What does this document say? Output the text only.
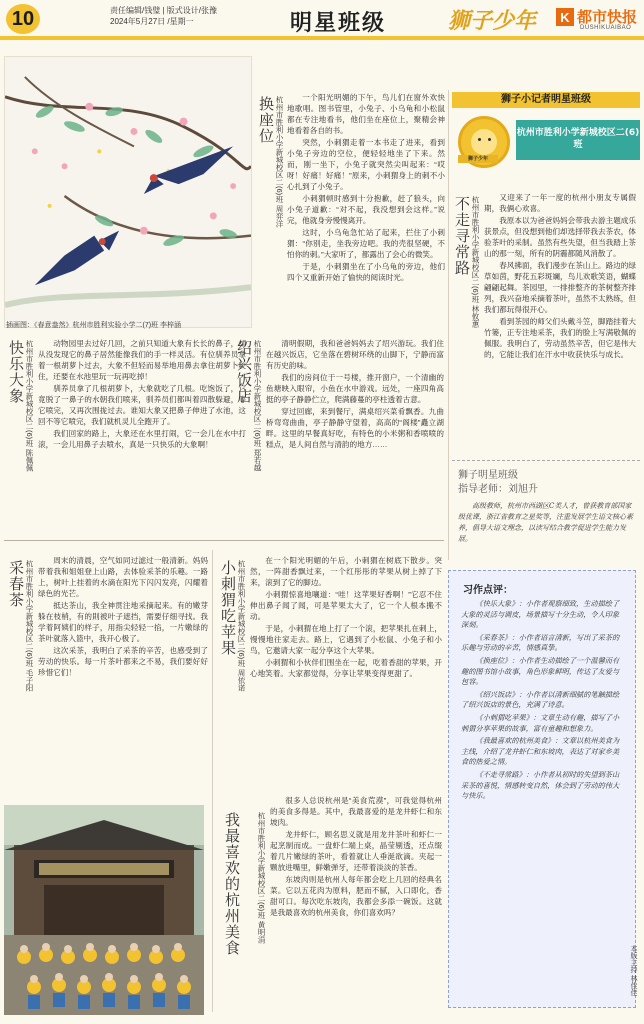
10	责任编辑/钱璧 | 版式设计/张豫
2024年5月27日 /星期一	明星班级	狮子少年	K 都市快报
DUSHIKUAIBAO
插画图：《春意盎然》杭州市胜利实验小学二(7)班 李梓涵
换座位 杭州市胜利小学新城校区二(6)班 周弈洋	一个阳光明媚的下午，鸟儿们在窗外欢快地歌唱。图书管里，小兔子、小乌龟和小松鼠都在专注地看书，他们坐在座位上，聚精会神地看着各自的书。

突然，小刺猬走着一本书走了进来，看到小兔子旁边的空位，便轻轻地坐了下来。然而，刚一坐下，小兔子就突然尖叫起来：“哎呀！好痛！好痛！”原来，小刺猬身上的刺不小心扎到了小兔子。

小刺猬顿时感到十分抱歉，赶了狼头，向小兔子道歉：“对不起，我没想到会这样。”说完，他就身旁慢慢离开。

这时，小乌龟急忙站了起来，拦住了小刺猬：“你别走，坐我旁边吧。我的壳很坚硬，不怕你的刺。”大家听了，都露出了会心的微笑。

于是，小刺猬坐在了小乌龟的旁边，他们四个又重新开始了愉快的阅读时光。

狮子小记者明星班级
狮子少年
杭州市胜利小学新城校区二(6)班
不走寻常路 杭州市胜利小学新城校区二(6)班 林攸蕙	又迎来了一年一度的杭州小朋友专属假期，我俩心欢喜。

我原本以为爸爸妈妈会带我去游主题成乐获景点，但没想到他们却选择带我去茶农，体验茶叶的采制。虽然有些失望，但当我踏上茶山的那一刻，所有的阴霾都随风消散了。

春风拂面，我们漫步在茶山上。路边的绿草如茵，野花五彩斑斓，鸟儿欢歌笑语，蝴蝶翩翩起舞。茶园里，一排排整齐的茶树整齐排列，我兴奋地采摘着茶叶，虽然不太熟练，但我们都玩得很开心。

看到茶园的师父们头戴斗笠，脚踏挂着大竹篓，正专注地采茶，我们的脸上写满敬佩的佩服。我明白了，劳动虽然辛苦，但它是伟大的，它能让我们在汗水中收获快乐与成长。

快乐大象 杭州市胜利小学新城校区二(6)班 陈佩佩	动物园里去过好几回，之前只知道大象有长长的鼻子，却从没发现它的鼻子居然能像我们的手一样灵活。有位驯养员拿着一根胡萝卜过去，大象不但轻而易举地用鼻去拿住胡萝卜咬住，还要在水池里玩一玩再吃掉！

驯养员拿了几根胡萝卜，大象就吃了几根。吃饱饭了，它竟脱了一鼻子的水朝我们喷来，驯养员们都叫着四散躲避，等它喷完，又再次围拢过去。谁知大象又把鼻子伸进了水池，这回不等它喷完，我们就机灵儿全跑开了。

我们回家的路上，大象还在水里打闹，它一会儿在水中打滚，一会儿用鼻子去喷水，真是一只快乐的大象啊！

绍兴饭店 杭州市胜利小学新城校区二(6)班 郑若越	清明假期，我和爸爸妈妈去了绍兴游玩。我们住在越兴饭店，它坐落在碧树环绕的山脚下，宁静而富有历史韵味。

我们的房间位于一号楼，推开窗户，一个清幽的鱼塘映入眼帘，小鱼在水中游戏。远处，一座四角高挺的亭子静静伫立，爬满藤蔓的亭柱透着古意。

穿过回廊，来到餐厅，满桌绍兴菜肴飘香。九曲桥弯弯曲曲，亭子静静守望着，高高的“阁楼”矗立湖畔。这里的早餐真好吃，有特色的小米粥和香喷喷的糕点，是人间自然与清韵的地方……

采春茶 杭州市胜利小学新城校区二(6)班 毛子阳	周末的清晨，空气如同过滤过一般清新。妈妈带着我和姐姐登上山路，去体验采茶的乐趣。一路上，树叶上挂着的水滴在阳光下闪闪发亮，闪耀着绿色的光芒。

抵达茶山，我全神贯注地采摘起来。有的嫩芽躲在枝梢，有的則被叶子遮挡，需要仔细寻找。我学着阿姨们的样子，用指尖轻轻一掐，一片嫩绿的茶叶就落入篮中，我开心极了。

这次采茶，我明白了采茶的辛苦，也感受到了劳动的快乐。每一片茶叶都来之不易，我们要好好珍惜它们！

小刺猬吃苹果 杭州市胜利小学新城校区二(6)班 周依诺	在一个阳光明媚的午后，小刺猬在树底下散步。突然，一阵甜香飘过来，一个红彤彤的苹果从树上掉了下来，滚到了它的脚边。

小刺猬惊喜地嚷道：“哇！这苹果好香啊！”它忍不住伸出鼻子闻了闻，可是苹果太大了，它一个人根本搬不动。

于是，小刺猬在地上打了一个滚，把苹果扎在刺上，慢慢地往家走去。路上，它遇到了小松鼠、小兔子和小鸟，它邀请大家一起分享这个大苹果。

小刺猬和小伙伴们围坐在一起，吃着香甜的苹果，开心地笑着。大家都觉得，分享让苹果变得更甜了。

我最喜欢的杭州美食 杭州市胜利小学新城校区二(6)班 黄明涓

很多人总说杭州是“美食荒漠”，可我觉得杭州的美食多得是。其中，我最喜爱的是龙井虾仁和东坡肉。

龙井虾仁，顾名思义就是用龙井茶叶和虾仁一起烹制而成。一盘虾仁端上桌，晶莹剔透，还点缀着几片嫩绿的茶叶，看着就让人垂涎欲滴。夹起一颗放进嘴里，鲜嫩弹牙，还带着淡淡的茶香。

东坡肉则是杭州人每年都会吃上几回的经典名菜。它以五花肉为原料，肥而不腻，入口即化，香甜可口。每次吃东坡肉，我都会多添一碗饭。这就是我最喜欢的杭州美食，你们喜欢吗？

狮子明星班级
指导老师：刘旭升
高级教师，杭州市西湖区C类人才，曾获教育部国家级优课，浙江省教育之星奖等，注重发展学生语文核心素养，倡导大语文理念，以读写结合教学促进学生能力发展。
习作点评：

《快乐大象》：小作者观察细致，生动描绘了大象的灵活与调皮，场景描写十分生动，令人印象深刻。

《采春茶》：小作者语言清新，写出了采茶的乐趣与劳动的辛苦，情感真挚。

《换座位》：小作者生动描绘了一个温馨而有趣的图书馆小故事，角色形象鲜明，传达了友爱与包容。

《绍兴饭店》：小作者以清新细腻的笔触描绘了绍兴饭店的景色，充满了诗意。

《小刺猬吃苹果》：文章生动有趣，描写了小刺猬分享苹果的故事，富有童趣和想象力。

《我最喜欢的杭州美食》：文章以杭州美食为主线，介绍了龙井虾仁和东坡肉，表达了对家乡美食的热爱之情。

《不走寻常路》：小作者从初时的失望到茶山采茶的喜悦，情感转变自然，体会到了劳动的伟大与快乐。

本版主持 林佳佳
